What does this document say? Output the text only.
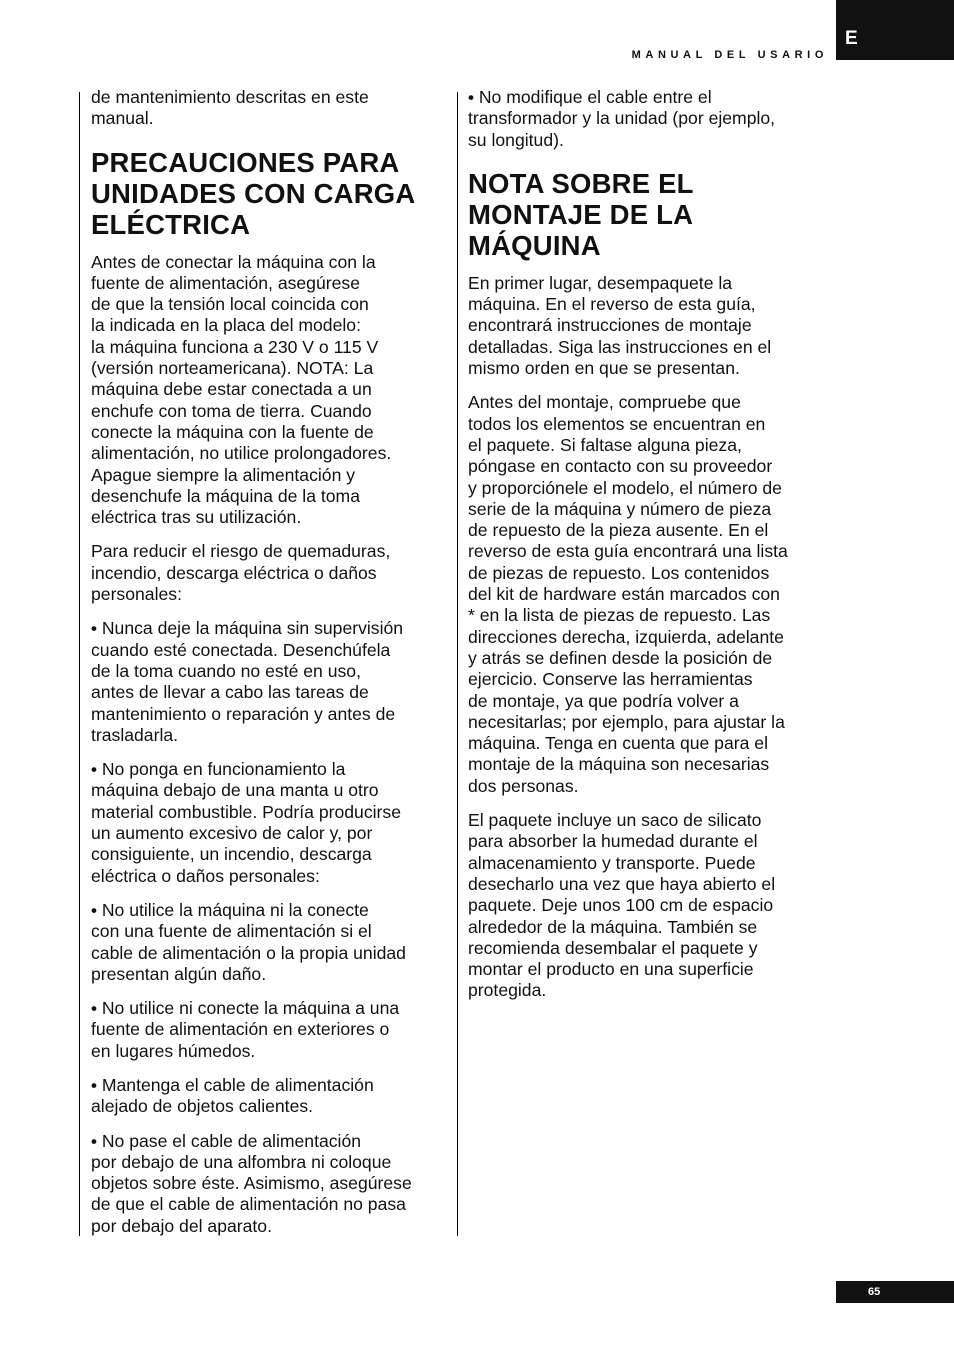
E
MANUAL DEL USARIO

de mantenimiento descritas en este
manual.

PRECAUCIONES PARA
UNIDADES CON CARGA
ELÉCTRICA

Antes de conectar la máquina con la
fuente de alimentación, asegúrese
de que la tensión local coincida con
la indicada en la placa del modelo:
la máquina funciona a 230 V o 115 V
(versión norteamericana). NOTA: La
máquina debe estar conectada a un
enchufe con toma de tierra. Cuando
conecte la máquina con la fuente de
alimentación, no utilice prolongadores.
Apague siempre la alimentación y
desenchufe la máquina de la toma
eléctrica tras su utilización.

Para reducir el riesgo de quemaduras,
incendio, descarga eléctrica o daños
personales:

• Nunca deje la máquina sin supervisión
cuando esté conectada. Desenchúfela
de la toma cuando no esté en uso,
antes de llevar a cabo las tareas de
mantenimiento o reparación y antes de
trasladarla.

• No ponga en funcionamiento la
máquina debajo de una manta u otro
material combustible. Podría producirse
un aumento excesivo de calor y, por
consiguiente, un incendio, descarga
eléctrica o daños personales:

• No utilice la máquina ni la conecte
con una fuente de alimentación si el
cable de alimentación o la propia unidad
presentan algún daño.

• No utilice ni conecte la máquina a una
fuente de alimentación en exteriores o
en lugares húmedos.

• Mantenga el cable de alimentación
alejado de objetos calientes.

• No pase el cable de alimentación
por debajo de una alfombra ni coloque
objetos sobre éste. Asimismo, asegúrese
de que el cable de alimentación no pasa
por debajo del aparato.

• No modifique el cable entre el
transformador y la unidad (por ejemplo,
su longitud).

NOTA SOBRE EL
MONTAJE DE LA
MÁQUINA

En primer lugar, desempaquete la
máquina. En el reverso de esta guía,
encontrará instrucciones de montaje
detalladas. Siga las instrucciones en el
mismo orden en que se presentan.

Antes del montaje, compruebe que
todos los elementos se encuentran en
el paquete. Si faltase alguna pieza,
póngase en contacto con su proveedor
y proporciónele el modelo, el número de
serie de la máquina y número de pieza
de repuesto de la pieza ausente. En el
reverso de esta guía encontrará una lista
de piezas de repuesto. Los contenidos
del kit de hardware están marcados con
* en la lista de piezas de repuesto. Las
direcciones derecha, izquierda, adelante
y atrás se definen desde la posición de
ejercicio. Conserve las herramientas
de montaje, ya que podría volver a
necesitarlas; por ejemplo, para ajustar la
máquina. Tenga en cuenta que para el
montaje de la máquina son necesarias
dos personas.

El paquete incluye un saco de silicato
para absorber la humedad durante el
almacenamiento y transporte. Puede
desecharlo una vez que haya abierto el
paquete. Deje unos 100 cm de espacio
alrededor de la máquina. También se
recomienda desembalar el paquete y
montar el producto en una superficie
protegida.

65
